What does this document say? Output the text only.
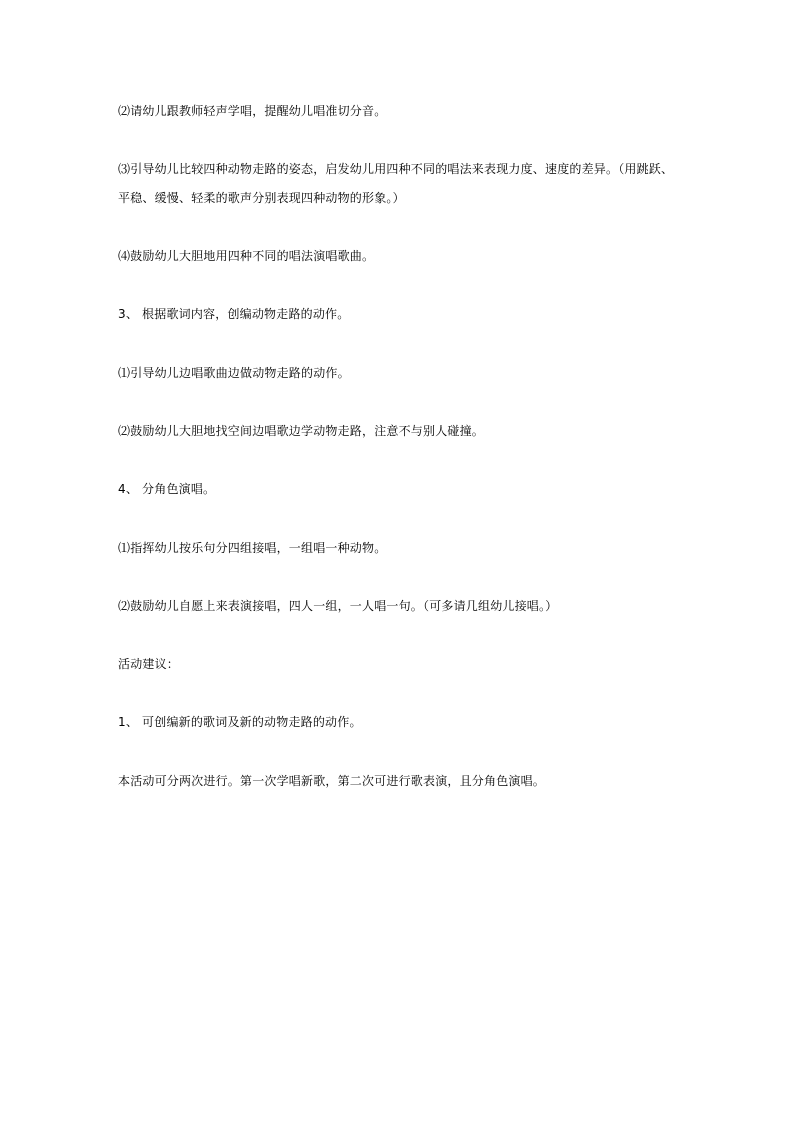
⑵请幼儿跟教师轻声学唱，提醒幼儿唱准切分音。
⑶引导幼儿比较四种动物走路的姿态，启发幼儿用四种不同的唱法来表现力度、速度的差异。（用跳跃、
平稳、缓慢、轻柔的歌声分别表现四种动物的形象。）
⑷鼓励幼儿大胆地用四种不同的唱法演唱歌曲。
3、 根据歌词内容，创编动物走路的动作。
⑴引导幼儿边唱歌曲边做动物走路的动作。
⑵鼓励幼儿大胆地找空间边唱歌边学动物走路，注意不与别人碰撞。
4、 分角色演唱。
⑴指挥幼儿按乐句分四组接唱，一组唱一种动物。
⑵鼓励幼儿自愿上来表演接唱，四人一组，一人唱一句。（可多请几组幼儿接唱。）
活动建议：
1、 可创编新的歌词及新的动物走路的动作。
本活动可分两次进行。第一次学唱新歌，第二次可进行歌表演，且分角色演唱。
